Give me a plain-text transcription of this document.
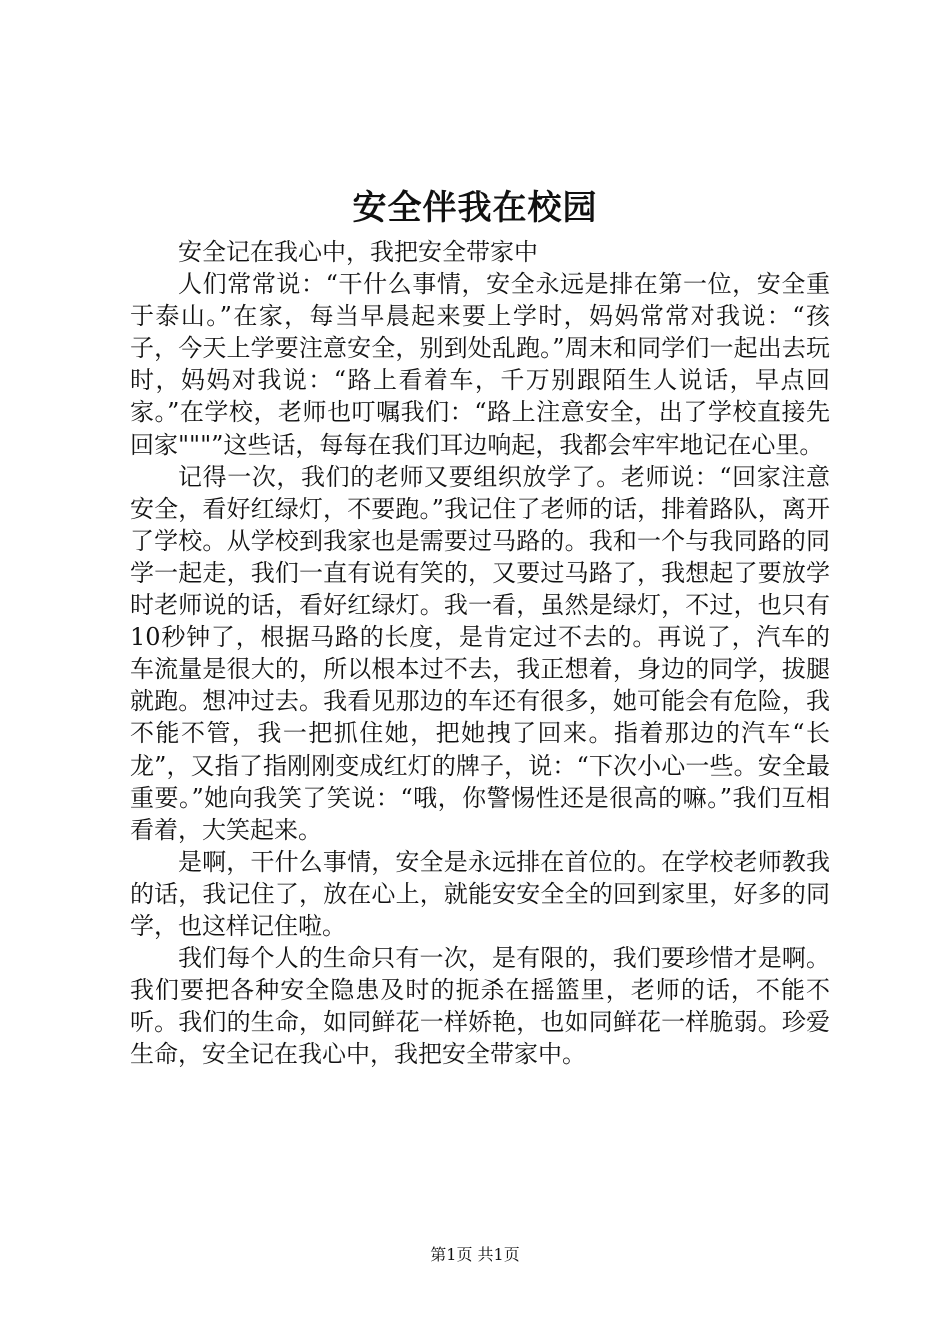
安全伴我在校园

安全记在我心中，我把安全带家中

人们常常说：“干什么事情，安全永远是排在第一位，安全重于泰山。”在家，每当早晨起来要上学时，妈妈常常对我说：“孩子，今天上学要注意安全，别到处乱跑。”周末和同学们一起出去玩时，妈妈对我说：“路上看着车，千万别跟陌生人说话，早点回家。”在学校，老师也叮嘱我们：“路上注意安全，出了学校直接先回家"""”这些话，每每在我们耳边响起，我都会牢牢地记在心里。

记得一次，我们的老师又要组织放学了。老师说：“回家注意安全，看好红绿灯，不要跑。”我记住了老师的话，排着路队，离开了学校。从学校到我家也是需要过马路的。我和一个与我同路的同学一起走，我们一直有说有笑的，又要过马路了，我想起了要放学时老师说的话，看好红绿灯。我一看，虽然是绿灯，不过，也只有10秒钟了，根据马路的长度，是肯定过不去的。再说了，汽车的车流量是很大的，所以根本过不去，我正想着，身边的同学，拔腿就跑。想冲过去。我看见那边的车还有很多，她可能会有危险，我不能不管，我一把抓住她，把她拽了回来。指着那边的汽车“长龙”，又指了指刚刚变成红灯的牌子，说：“下次小心一些。安全最重要。”她向我笑了笑说：“哦，你警惕性还是很高的嘛。”我们互相看着，大笑起来。

是啊，干什么事情，安全是永远排在首位的。在学校老师教我的话，我记住了，放在心上，就能安安全全的回到家里，好多的同学，也这样记住啦。

我们每个人的生命只有一次，是有限的，我们要珍惜才是啊。我们要把各种安全隐患及时的扼杀在摇篮里，老师的话，不能不听。我们的生命，如同鲜花一样娇艳，也如同鲜花一样脆弱。珍爱生命，安全记在我心中，我把安全带家中。

第1页 共1页
